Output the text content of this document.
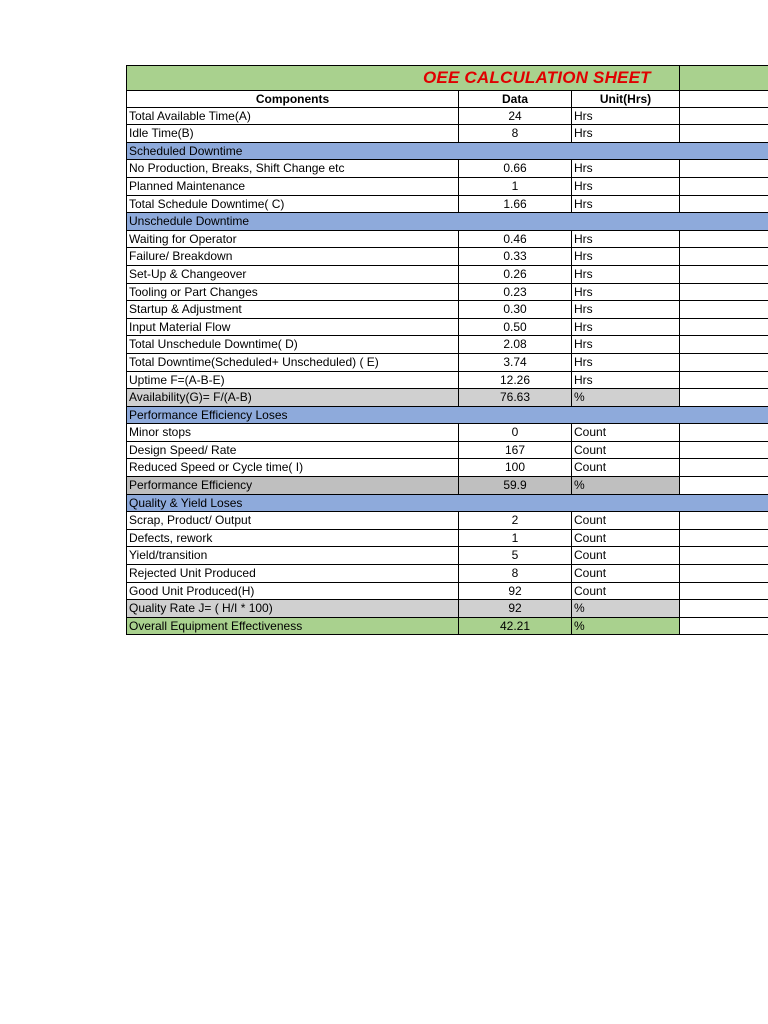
OEE CALCULATION SHEET
Components	Data	Unit(Hrs)
Total Available Time(A)	24	Hrs
Idle Time(B)	8	Hrs
Scheduled Downtime
No Production, Breaks, Shift Change etc	0.66	Hrs
Planned Maintenance	1	Hrs
Total Schedule Downtime( C)	1.66	Hrs
Unschedule Downtime
Waiting for Operator	0.46	Hrs
Failure/ Breakdown	0.33	Hrs
Set-Up & Changeover	0.26	Hrs
Tooling or Part Changes	0.23	Hrs
Startup & Adjustment	0.30	Hrs
Input Material Flow	0.50	Hrs
Total Unschedule Downtime( D)	2.08	Hrs
Total Downtime(Scheduled+ Unscheduled) ( E)	3.74	Hrs
Uptime F=(A-B-E)	12.26	Hrs
Availability(G)= F/(A-B)	76.63	%
Performance Efficiency Loses
Minor stops	0	Count
Design Speed/ Rate	167	Count
Reduced Speed or Cycle time( I)	100	Count
Performance Efficiency	59.9	%
Quality & Yield Loses
Scrap, Product/ Output	2	Count
Defects, rework	1	Count
Yield/transition	5	Count
Rejected Unit Produced	8	Count
Good Unit Produced(H)	92	Count
Quality Rate J= ( H/I * 100)	92	%
Overall Equipment Effectiveness	42.21	%
